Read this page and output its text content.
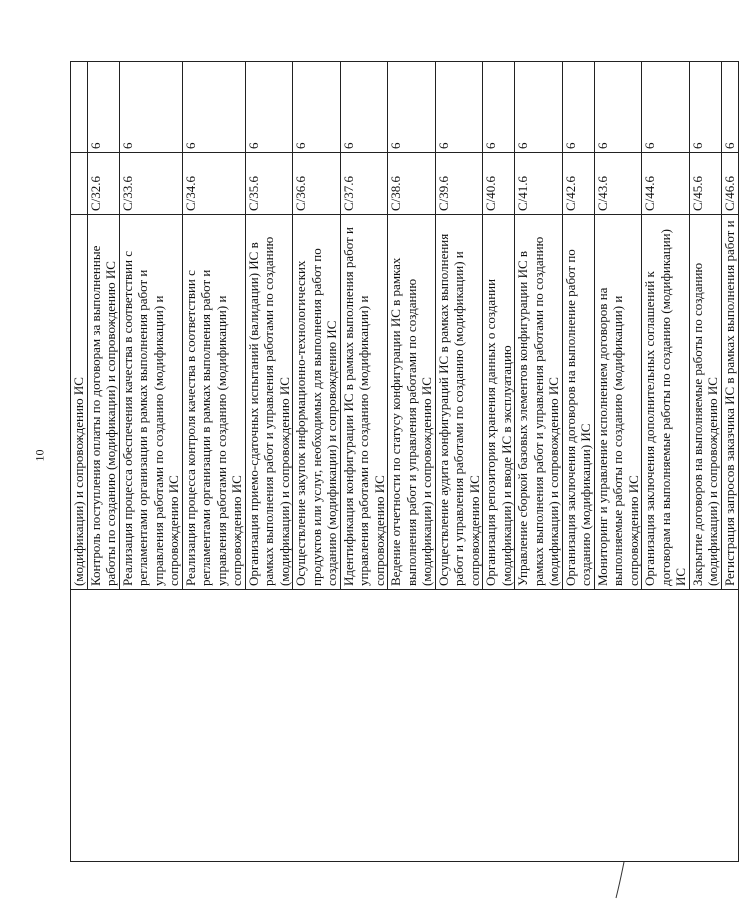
10
	(модификации) и сопровождению ИС		
	Контроль поступления оплаты по договорам за выполненные работы по созданию (модификации) и сопровождению ИС	С/32.6	6
	Реализация процесса обеспечения качества в соответствии с регламентами организации в рамках выполнения работ и управления работами по созданию (модификации) и сопровождению ИС	С/33.6	6
	Реализация процесса контроля качества в соответствии с регламентами организации в рамках выполнения работ и управления работами по созданию (модификации) и сопровождению ИС	С/34.6	6
	Организация приемо-сдаточных испытаний (валидации) ИС в рамках выполнения работ и управления работами по созданию (модификации) и сопровождению ИС	С/35.6	6
	Осуществление закупок информационно-технологических продуктов или услуг, необходимых для выполнения работ по созданию (модификации) и сопровождению ИС	С/36.6	6
	Идентификация конфигурации ИС в рамках выполнения работ и управления работами по созданию (модификации) и сопровождению ИС	С/37.6	6
	Ведение отчетности по статусу конфигурации ИС в рамках выполнения работ и управления работами по созданию (модификации) и сопровождению ИС	С/38.6	6
	Осуществление аудита конфигураций ИС в рамках выполнения работ и управления работами по созданию (модификации) и сопровождению ИС	С/39.6	6
	Организация репозитория хранения данных о создании (модификации) и вводе ИС в эксплуатацию	С/40.6	6
	Управление сборкой базовых элементов конфигурации ИС в рамках выполнения работ и управления работами по созданию (модификации) и сопровождению ИС	С/41.6	6
	Организация заключения договоров на выполнение работ по созданию (модификации) ИС	С/42.6	6
	Мониторинг и управление исполнением договоров на выполняемые работы по созданию (модификации) и сопровождению ИС	С/43.6	6
	Организация заключения дополнительных соглашений к договорам на выполняемые работы по созданию (модификации) ИС	С/44.6	6
	Закрытие договоров на выполняемые работы по созданию (модификации) и сопровождению ИС	С/45.6	6
	Регистрация запросов заказчика ИС в рамках выполнения работ и	С/46.6	6
